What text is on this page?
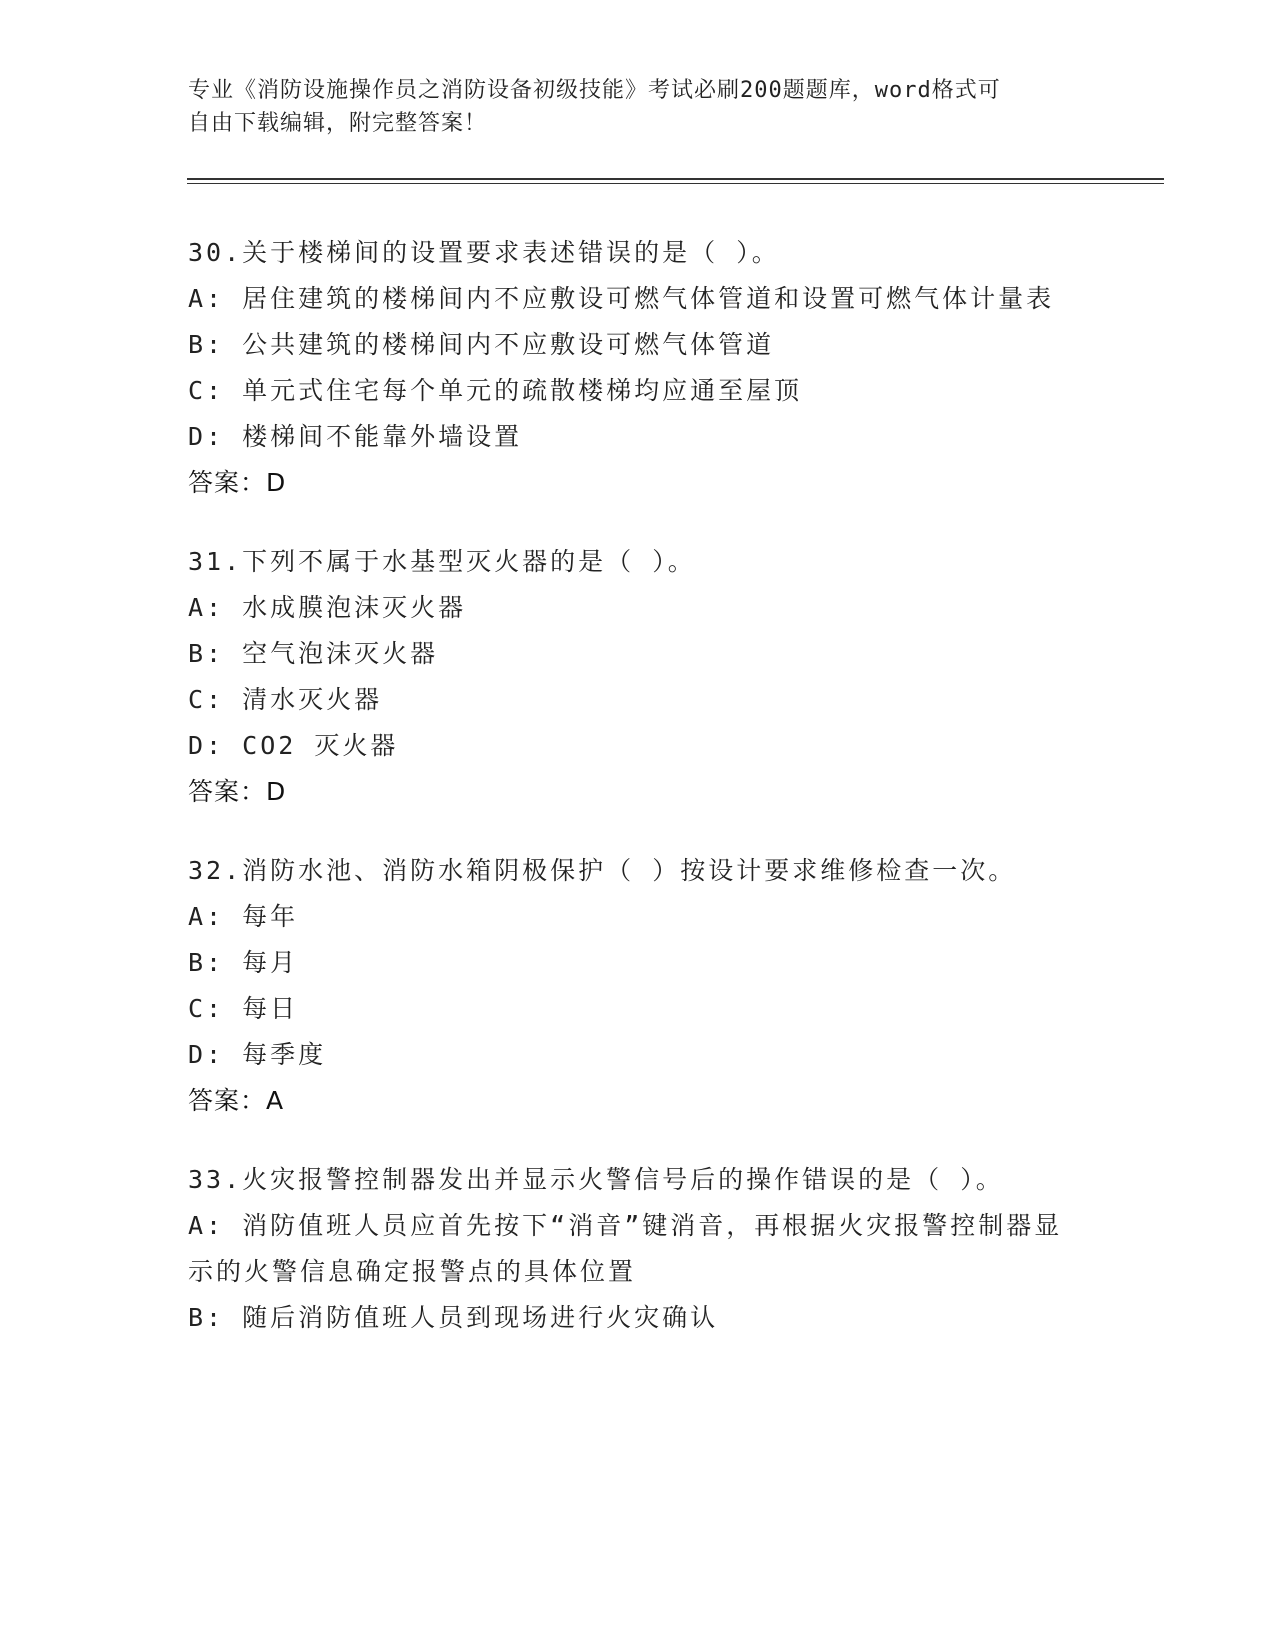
专业《消防设施操作员之消防设备初级技能》考试必刷200题题库，word格式可
自由下载编辑，附完整答案！
30.关于楼梯间的设置要求表述错误的是（ ）。
A: 居住建筑的楼梯间内不应敷设可燃气体管道和设置可燃气体计量表
B: 公共建筑的楼梯间内不应敷设可燃气体管道
C: 单元式住宅每个单元的疏散楼梯均应通至屋顶
D: 楼梯间不能靠外墙设置
答案：D
31.下列不属于水基型灭火器的是（ ）。
A: 水成膜泡沫灭火器
B: 空气泡沫灭火器
C: 清水灭火器
D: CO2 灭火器
答案：D
32.消防水池、消防水箱阴极保护（ ）按设计要求维修检查一次。
A: 每年
B: 每月
C: 每日
D: 每季度
答案：A
33.火灾报警控制器发出并显示火警信号后的操作错误的是（ ）。
A: 消防值班人员应首先按下“消音”键消音，再根据火灾报警控制器显示的火警信息确定报警点的具体位置
B: 随后消防值班人员到现场进行火灾确认
